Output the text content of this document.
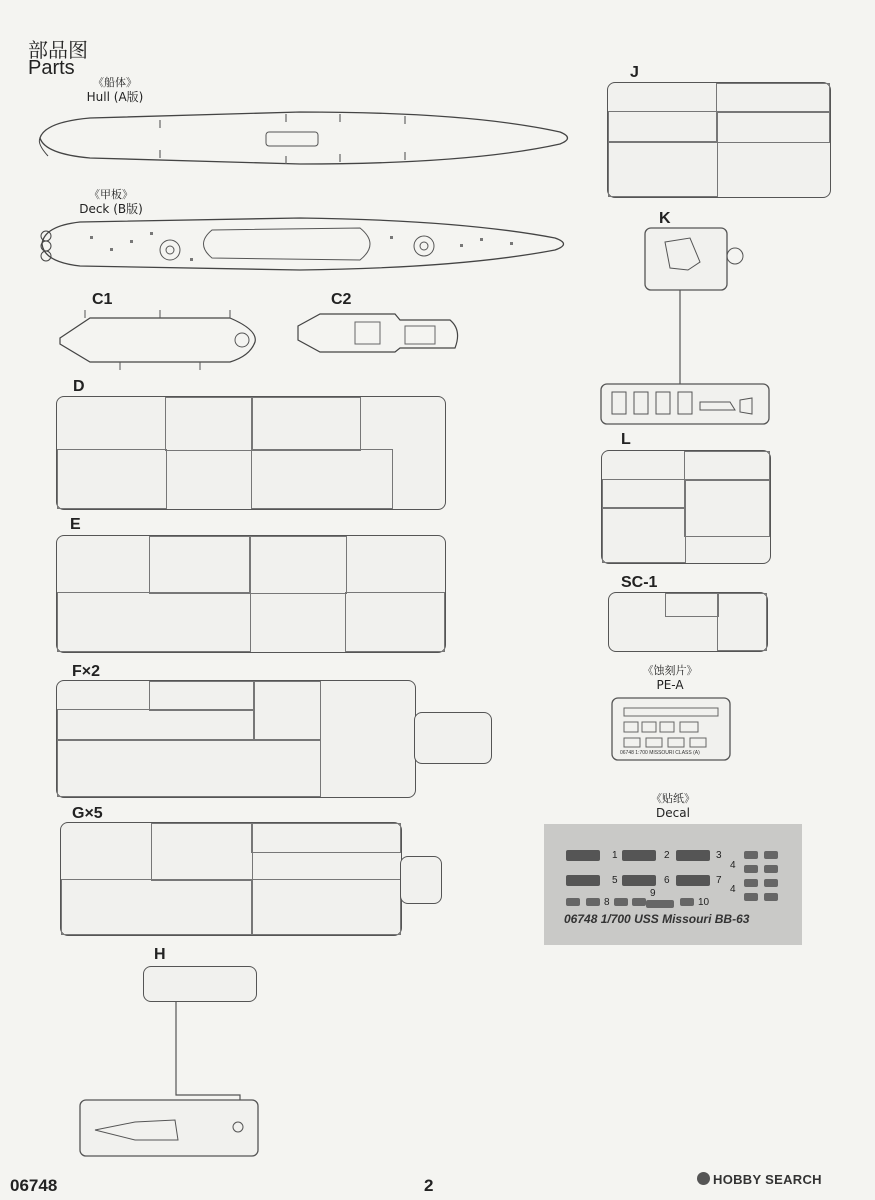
部品图
Parts
《船体》
Hull (A版)
《甲板》
Deck (B版)
C1	C2
D
E
F×2
G×5
H
J
K
L
SC-1
《蚀刻片》
PE-A
06748 1:700 MISSOURI CLASS (A)
《贴纸》
Decal
1	2	3
4
5	6	7
4
8
9
10
06748 1/700 USS Missouri BB-63
06748	2	HOBBY SEARCH
